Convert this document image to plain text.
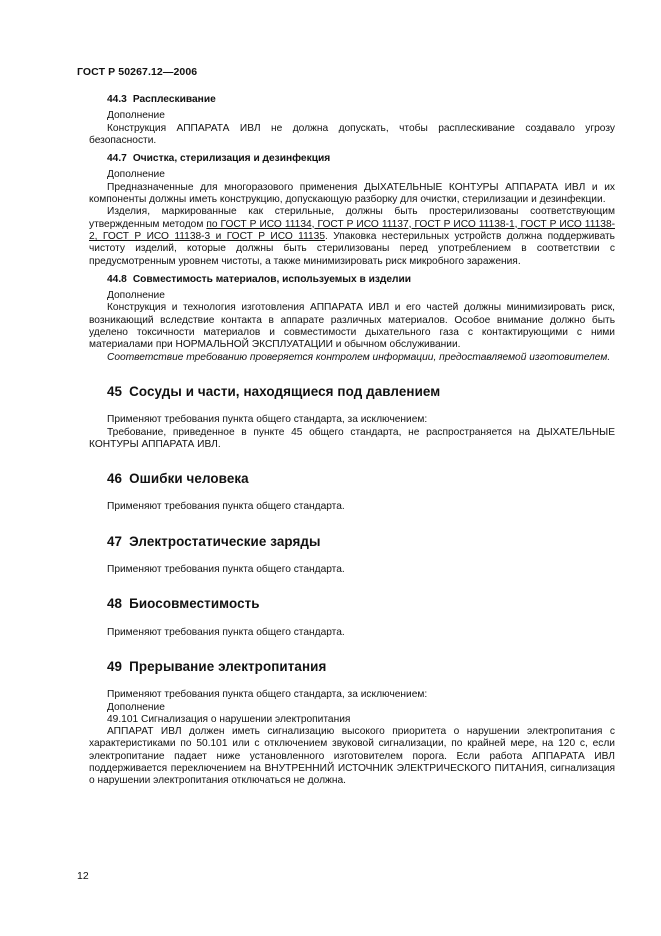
ГОСТ Р 50267.12—2006
44.3 Расплескивание

Дополнение

Конструкция АППАРАТА ИВЛ не должна допускать, чтобы расплескивание создавало угрозу безопасности.

44.7 Очистка, стерилизация и дезинфекция

Дополнение

Предназначенные для многоразового применения ДЫХАТЕЛЬНЫЕ КОНТУРЫ АППАРАТА ИВЛ и их компоненты должны иметь конструкцию, допускающую разборку для очистки, стерилизации и дезинфекции.

Изделия, маркированные как стерильные, должны быть простерилизованы соответствующим утвержденным методом по ГОСТ Р ИСО 11134, ГОСТ Р ИСО 11137, ГОСТ Р ИСО 11138-1, ГОСТ Р ИСО 11138-2, ГОСТ Р ИСО 11138-3 и ГОСТ Р ИСО 11135. Упаковка нестерильных устройств должна поддерживать чистоту изделий, которые должны быть стерилизованы перед употреблением в соответствии с предусмотренным уровнем чистоты, а также минимизировать риск микробного заражения.

44.8 Совместимость материалов, используемых в изделии

Дополнение

Конструкция и технология изготовления АППАРАТА ИВЛ и его частей должны минимизировать риск, возникающий вследствие контакта в аппарате различных материалов. Особое внимание должно быть уделено токсичности материалов и совместимости дыхательного газа с контактирующими с ними материалами при НОРМАЛЬНОЙ ЭКСПЛУАТАЦИИ и обычном обслуживании.

Соответствие требованию проверяется контролем информации, предоставляемой изготовителем.

45 Сосуды и части, находящиеся под давлением

Применяют требования пункта общего стандарта, за исключением:

Требование, приведенное в пункте 45 общего стандарта, не распространяется на ДЫХАТЕЛЬНЫЕ КОНТУРЫ АППАРАТА ИВЛ.

46 Ошибки человека

Применяют требования пункта общего стандарта.

47 Электростатические заряды

Применяют требования пункта общего стандарта.

48 Биосовместимость

Применяют требования пункта общего стандарта.

49 Прерывание электропитания

Применяют требования пункта общего стандарта, за исключением:

Дополнение

49.101 Сигнализация о нарушении электропитания

АППАРАТ ИВЛ должен иметь сигнализацию высокого приоритета о нарушении электропитания с характеристиками по 50.101 или с отключением звуковой сигнализации, по крайней мере, на 120 с, если электропитание падает ниже установленного изготовителем порога. Если работа АППАРАТА ИВЛ поддерживается переключением на ВНУТРЕННИЙ ИСТОЧНИК ЭЛЕКТРИЧЕСКОГО ПИТАНИЯ, сигнализация о нарушении электропитания отключаться не должна.

12
